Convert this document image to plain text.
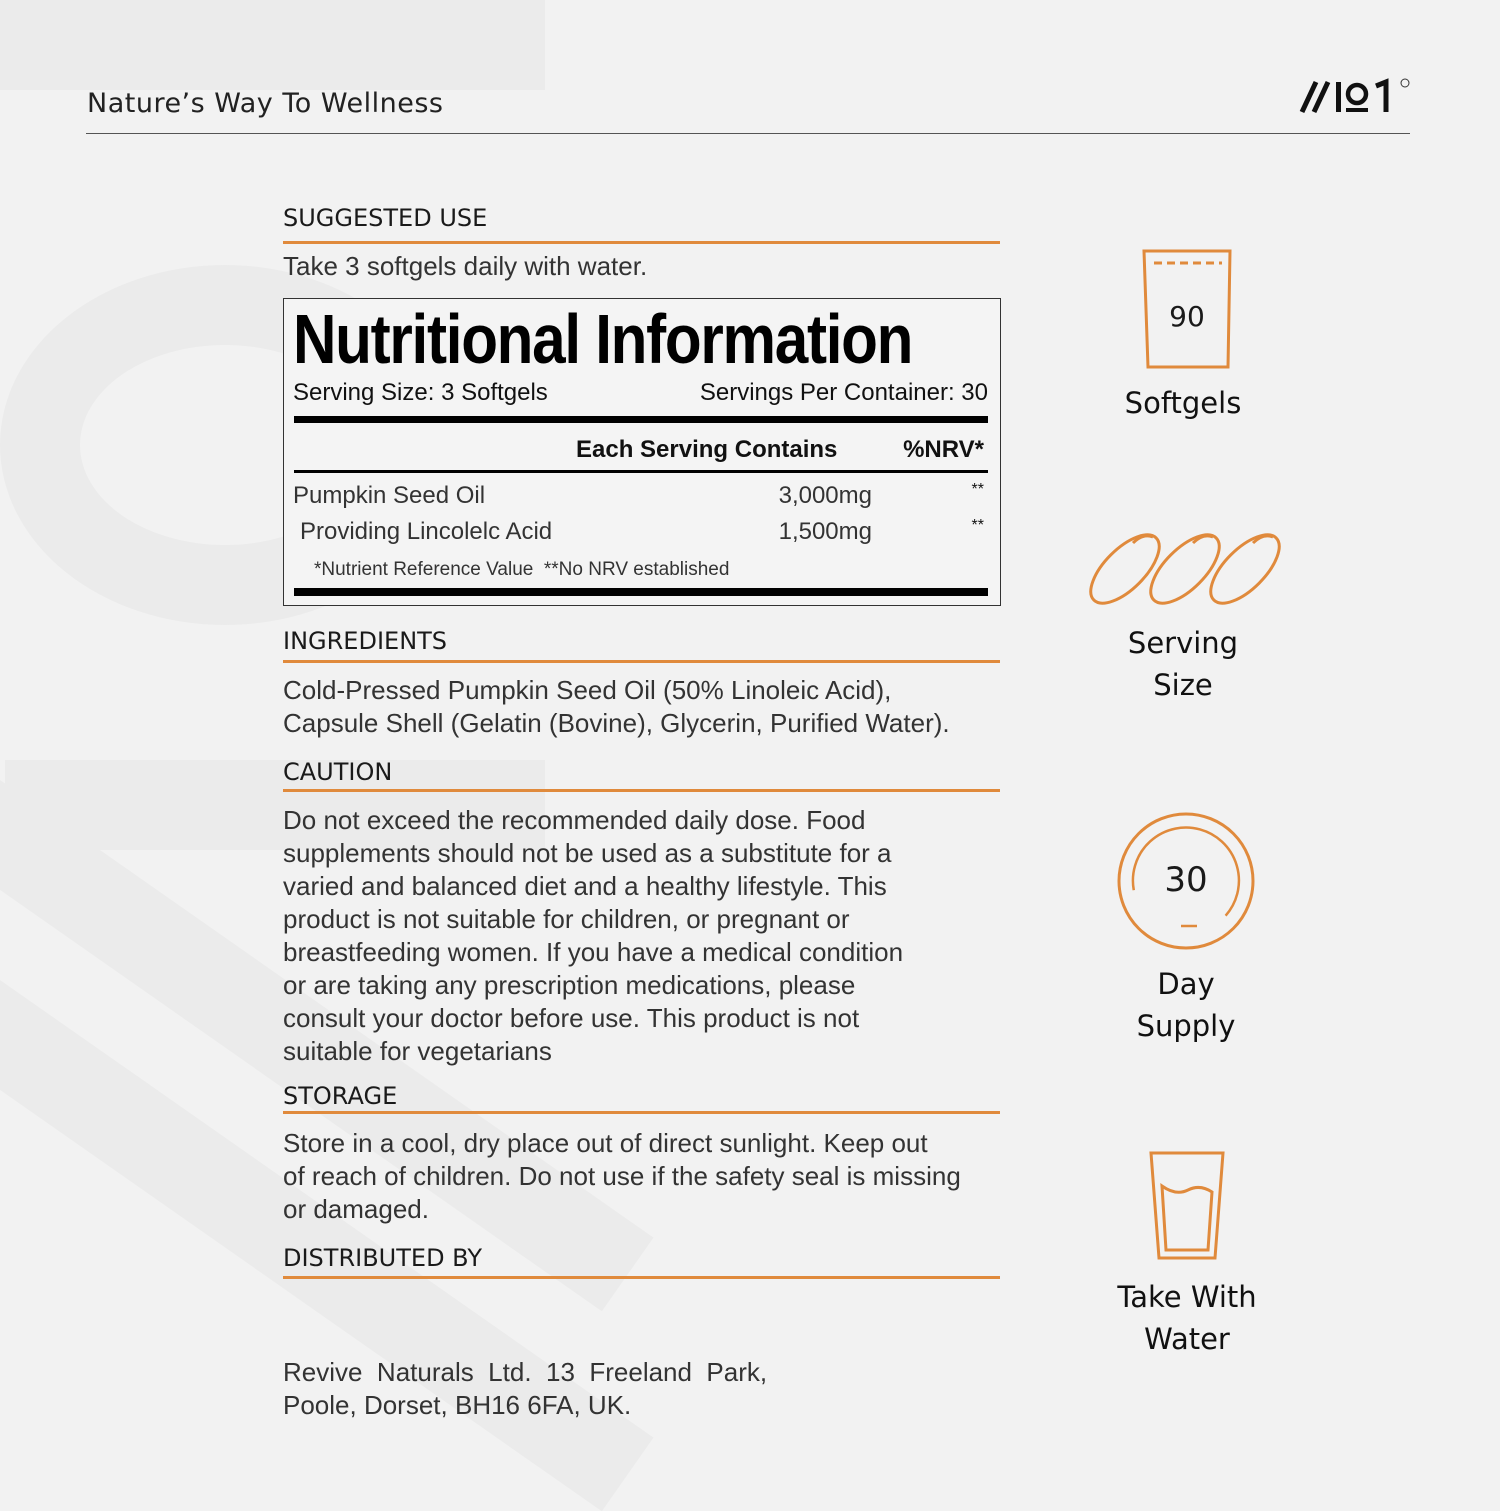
Nature’s Way To Wellness
SUGGESTED USE
Take 3 softgels daily with water.
Nutritional Information
Serving Size: 3 Softgels	Servings Per Container: 30
Each Serving Contains	%NRV*
Pumpkin Seed Oil	3,000mg	**
Providing Lincolelc Acid	1,500mg	**
*Nutrient Reference Value  **No NRV established
INGREDIENTS
Cold-Pressed Pumpkin Seed Oil (50% Linoleic Acid),
Capsule Shell (Gelatin (Bovine), Glycerin, Purified Water).
CAUTION
Do not exceed the recommended daily dose. Food
supplements should not be used as a substitute for a
varied and balanced diet and a healthy lifestyle. This
product is not suitable for children, or pregnant or
breastfeeding women. If you have a medical condition
or are taking any prescription medications, please
consult your doctor before use. This product is not
suitable for vegetarians
STORAGE
Store in a cool, dry place out of direct sunlight. Keep out
of reach of children. Do not use if the safety seal is missing
or damaged.
DISTRIBUTED BY

Revive  Naturals  Ltd.  13  Freeland  Park,
Poole, Dorset, BH16 6FA, UK.

90
Softgels
Serving
Size
30
Day
Supply
Take With
Water
